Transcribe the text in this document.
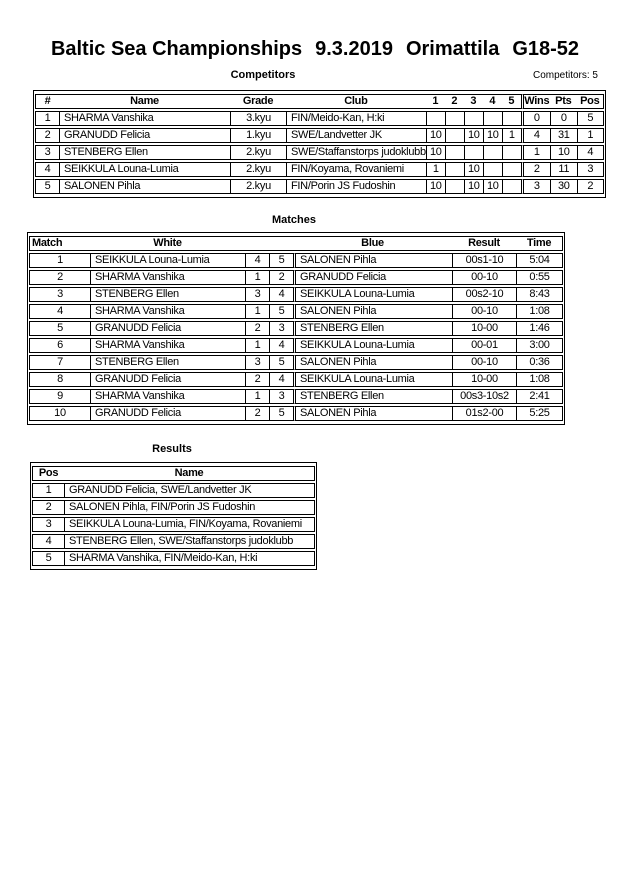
Baltic Sea Championships 9.3.2019 Orimattila G18-52
Competitors	Competitors: 5
Matches
Results
#	Name	Grade	Club	1	2	3	4	5	Wins	Pts	Pos
1	SHARMA Vanshika	3.kyu	FIN/Meido-Kan, H:ki						0	0	5
2	GRANUDD Felicia	1.kyu	SWE/Landvetter JK	10		10	10	1	4	31	1
3	STENBERG Ellen	2.kyu	SWE/Staffanstorps judoklubb	10					1	10	4
4	SEIKKULA Louna-Lumia	2.kyu	FIN/Koyama, Rovaniemi	1		10			2	11	3
5	SALONEN Pihla	2.kyu	FIN/Porin JS Fudoshin	10		10	10		3	30	2
Match	White			Blue	Result	Time
1	SEIKKULA Louna-Lumia	4	5	SALONEN Pihla	00s1-10	5:04
2	SHARMA Vanshika	1	2	GRANUDD Felicia	00-10	0:55
3	STENBERG Ellen	3	4	SEIKKULA Louna-Lumia	00s2-10	8:43
4	SHARMA Vanshika	1	5	SALONEN Pihla	00-10	1:08
5	GRANUDD Felicia	2	3	STENBERG Ellen	10-00	1:46
6	SHARMA Vanshika	1	4	SEIKKULA Louna-Lumia	00-01	3:00
7	STENBERG Ellen	3	5	SALONEN Pihla	00-10	0:36
8	GRANUDD Felicia	2	4	SEIKKULA Louna-Lumia	10-00	1:08
9	SHARMA Vanshika	1	3	STENBERG Ellen	00s3-10s2	2:41
10	GRANUDD Felicia	2	5	SALONEN Pihla	01s2-00	5:25
Pos	Name
1	GRANUDD Felicia, SWE/Landvetter JK
2	SALONEN Pihla, FIN/Porin JS Fudoshin
3	SEIKKULA Louna-Lumia, FIN/Koyama, Rovaniemi
4	STENBERG Ellen, SWE/Staffanstorps judoklubb
5	SHARMA Vanshika, FIN/Meido-Kan, H:ki
